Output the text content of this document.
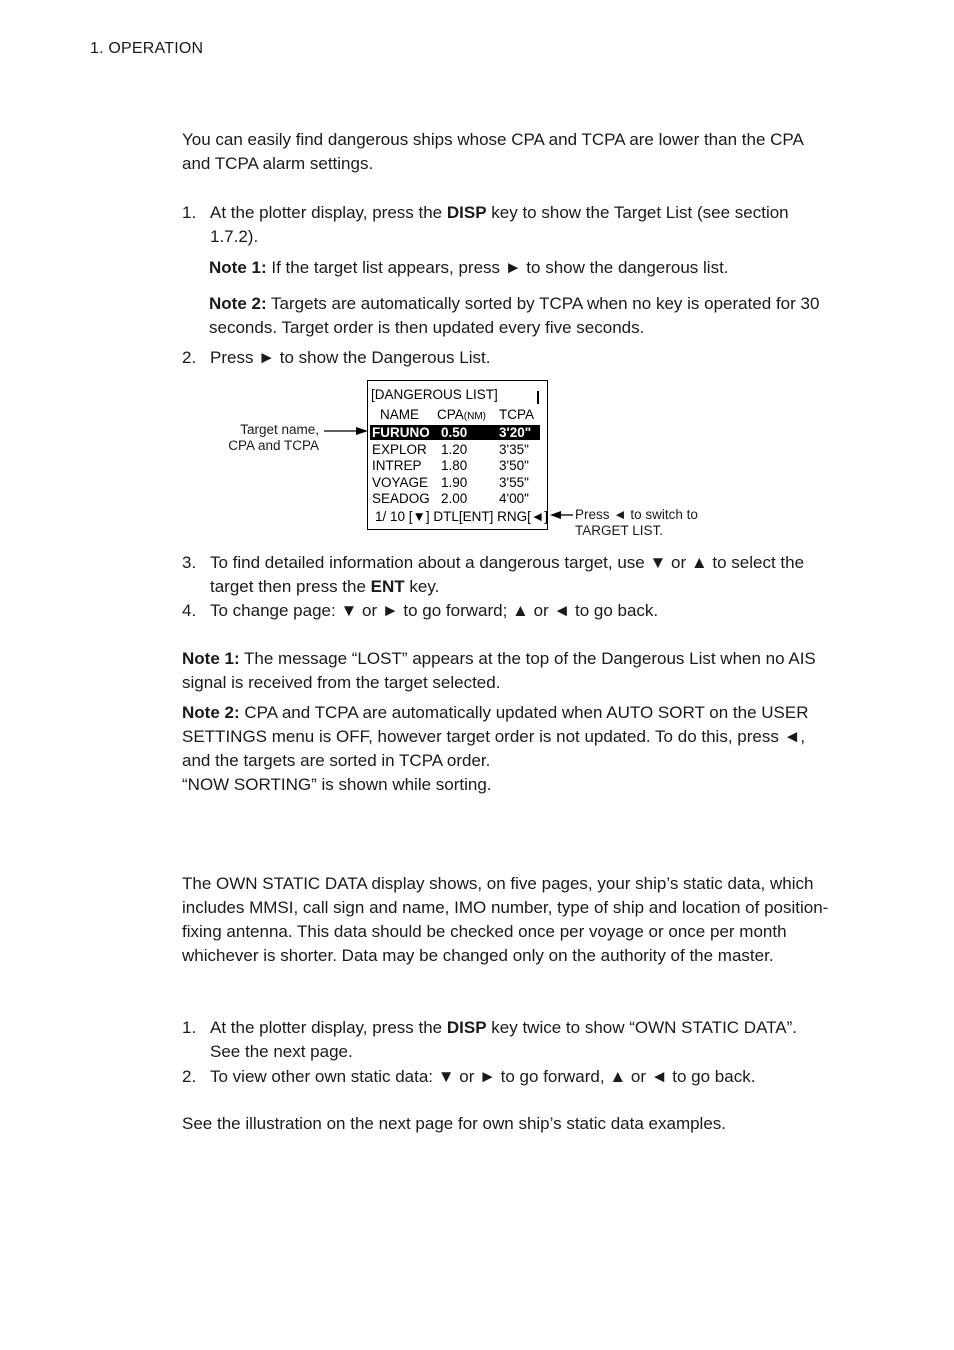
1. OPERATION
You can easily find dangerous ships whose CPA and TCPA are lower than the CPA and TCPA alarm settings.
1. At the plotter display, press the DISP key to show the Target List (see section 1.7.2).
Note 1: If the target list appears, press ► to show the dangerous list.
Note 2: Targets are automatically sorted by TCPA when no key is operated for 30 seconds. Target order is then updated every five seconds.
2. Press ► to show the Dangerous List.
Target name,
CPA and TCPA
[DANGEROUS LIST]
NAME CPA(NM) TCPA
FURUNO 0.50 3'20"
EXPLOR 1.20 3'35"
INTREP 1.80 3'50"
VOYAGE 1.90 3'55"
SEADOG 2.00 4'00"
1/ 10 [▼] DTL[ENT] RNG[◄] Press ◄ to switch to
TARGET LIST.
3. To find detailed information about a dangerous target, use ▼ or ▲ to select the target then press the ENT key.
4. To change page: ▼ or ► to go forward; ▲ or ◄ to go back.
Note 1: The message “LOST” appears at the top of the Dangerous List when no AIS signal is received from the target selected.
Note 2: CPA and TCPA are automatically updated when AUTO SORT on the USER SETTINGS menu is OFF, however target order is not updated. To do this, press ◄, and the targets are sorted in TCPA order.
“NOW SORTING” is shown while sorting.
The OWN STATIC DATA display shows, on five pages, your ship’s static data, which includes MMSI, call sign and name, IMO number, type of ship and location of position-fixing antenna. This data should be checked once per voyage or once per month whichever is shorter. Data may be changed only on the authority of the master.
1. At the plotter display, press the DISP key twice to show “OWN STATIC DATA”. See the next page.
2. To view other own static data: ▼ or ► to go forward, ▲ or ◄ to go back.
See the illustration on the next page for own ship’s static data examples.
